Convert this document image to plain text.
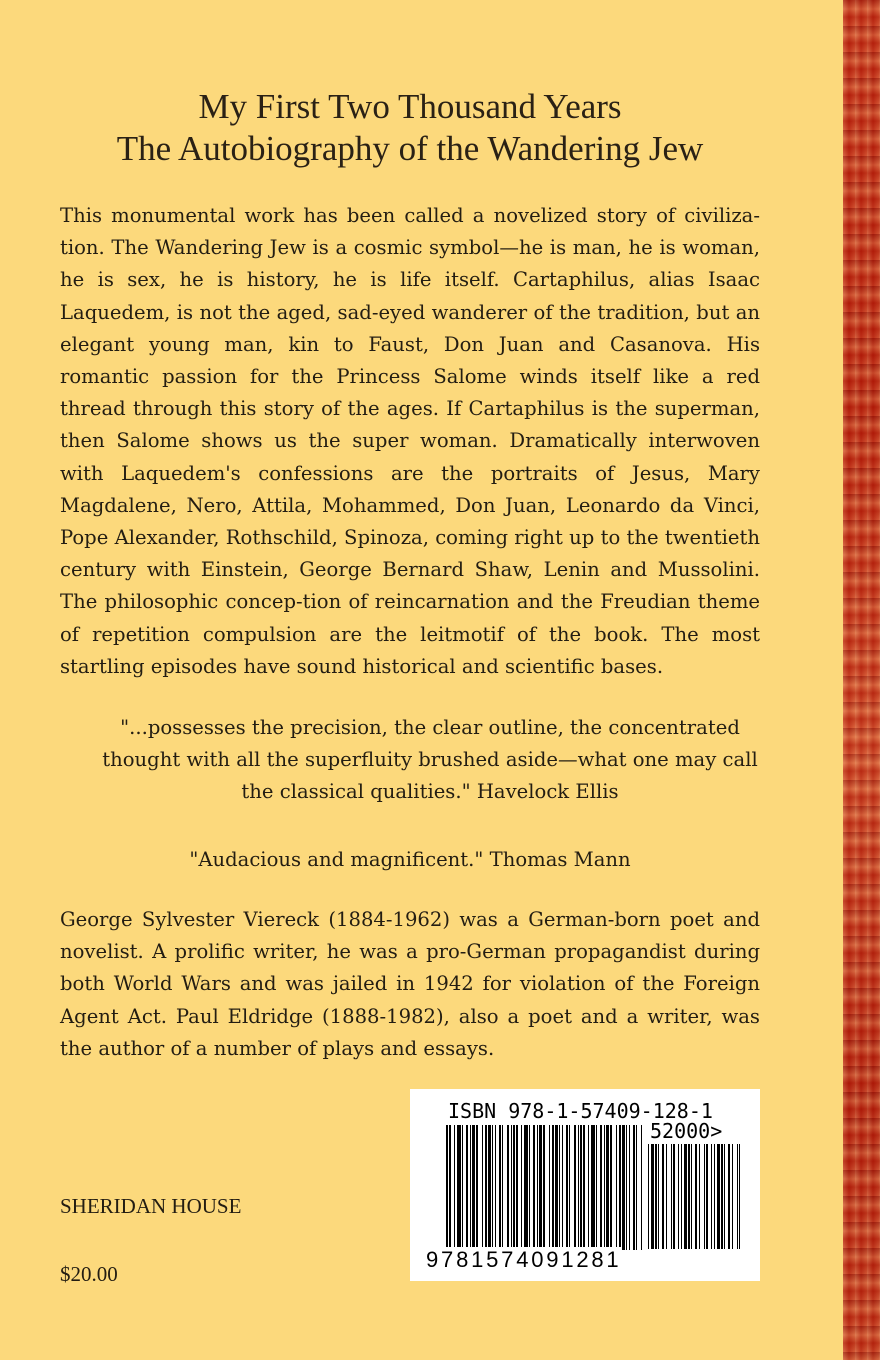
My First Two Thousand Years
The Autobiography of the Wandering Jew

This monumental work has been called a novelized story of civiliza-tion. The Wandering Jew is a cosmic symbol—he is man, he is woman, he is sex, he is history, he is life itself. Cartaphilus, alias Isaac Laquedem, is not the aged, sad-eyed wanderer of the tradition, but an elegant young man, kin to Faust, Don Juan and Casanova. His romantic passion for the Princess Salome winds itself like a red thread through this story of the ages. If Cartaphilus is the superman, then Salome shows us the super woman. Dramatically interwoven with Laquedem's confessions are the portraits of Jesus, Mary Magdalene, Nero, Attila, Mohammed, Don Juan, Leonardo da Vinci, Pope Alexander, Rothschild, Spinoza, coming right up to the twentieth century with Einstein, George Bernard Shaw, Lenin and Mussolini. The philosophic concep-tion of reincarnation and the Freudian theme of repetition compulsion are the leitmotif of the book. The most startling episodes have sound historical and scientific bases.

"...possesses the precision, the clear outline, the concentrated
thought with all the superfluity brushed aside—what one may call
the classical qualities." Havelock Ellis

"Audacious and magnificent." Thomas Mann

George Sylvester Viereck (1884-1962) was a German-born poet and novelist. A prolific writer, he was a pro-German propagandist during both World Wars and was jailed in 1942 for violation of the Foreign Agent Act. Paul Eldridge (1888-1982), also a poet and a writer, was the author of a number of plays and essays.

SHERIDAN HOUSE
$20.00
ISBN 978-1-57409-128-1
52000>
9781574091281
